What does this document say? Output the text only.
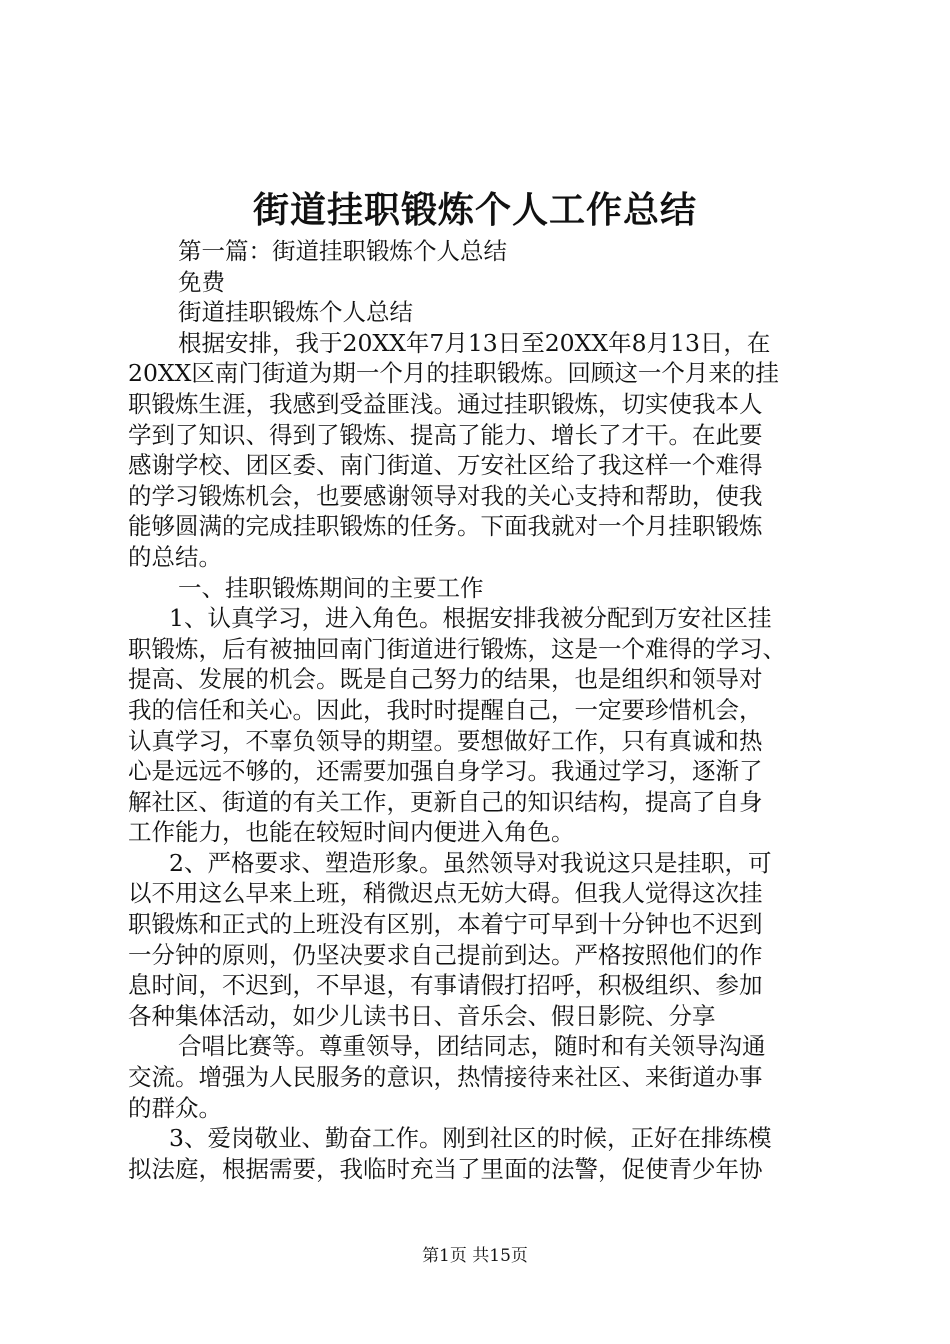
街道挂职锻炼个人工作总结

第一篇：街道挂职锻炼个人总结

免费

街道挂职锻炼个人总结

根据安排，我于20XX年7月13日至20XX年8月13日，在

20XX区南门街道为期一个月的挂职锻炼。回顾这一个月来的挂

职锻炼生涯，我感到受益匪浅。通过挂职锻炼，切实使我本人

学到了知识、得到了锻炼、提高了能力、增长了才干。在此要

感谢学校、团区委、南门街道、万安社区给了我这样一个难得

的学习锻炼机会，也要感谢领导对我的关心支持和帮助，使我

能够圆满的完成挂职锻炼的任务。下面我就对一个月挂职锻炼

的总结。

一、挂职锻炼期间的主要工作

1、认真学习，进入角色。根据安排我被分配到万安社区挂

职锻炼，后有被抽回南门街道进行锻炼，这是一个难得的学习、

提高、发展的机会。既是自己努力的结果，也是组织和领导对

我的信任和关心。因此，我时时提醒自己，一定要珍惜机会，

认真学习，不辜负领导的期望。要想做好工作，只有真诚和热

心是远远不够的，还需要加强自身学习。我通过学习，逐渐了

解社区、街道的有关工作，更新自己的知识结构，提高了自身

工作能力，也能在较短时间内便进入角色。

2、严格要求、塑造形象。虽然领导对我说这只是挂职，可

以不用这么早来上班，稍微迟点无妨大碍。但我人觉得这次挂

职锻炼和正式的上班没有区别，本着宁可早到十分钟也不迟到

一分钟的原则，仍坚决要求自己提前到达。严格按照他们的作

息时间，不迟到，不早退，有事请假打招呼，积极组织、参加

各种集体活动，如少儿读书日、音乐会、假日影院、分享

合唱比赛等。尊重领导，团结同志，随时和有关领导沟通

交流。增强为人民服务的意识，热情接待来社区、来街道办事

的群众。

3、爱岗敬业、勤奋工作。刚到社区的时候，正好在排练模

拟法庭，根据需要，我临时充当了里面的法警，促使青少年协

第1页 共15页
